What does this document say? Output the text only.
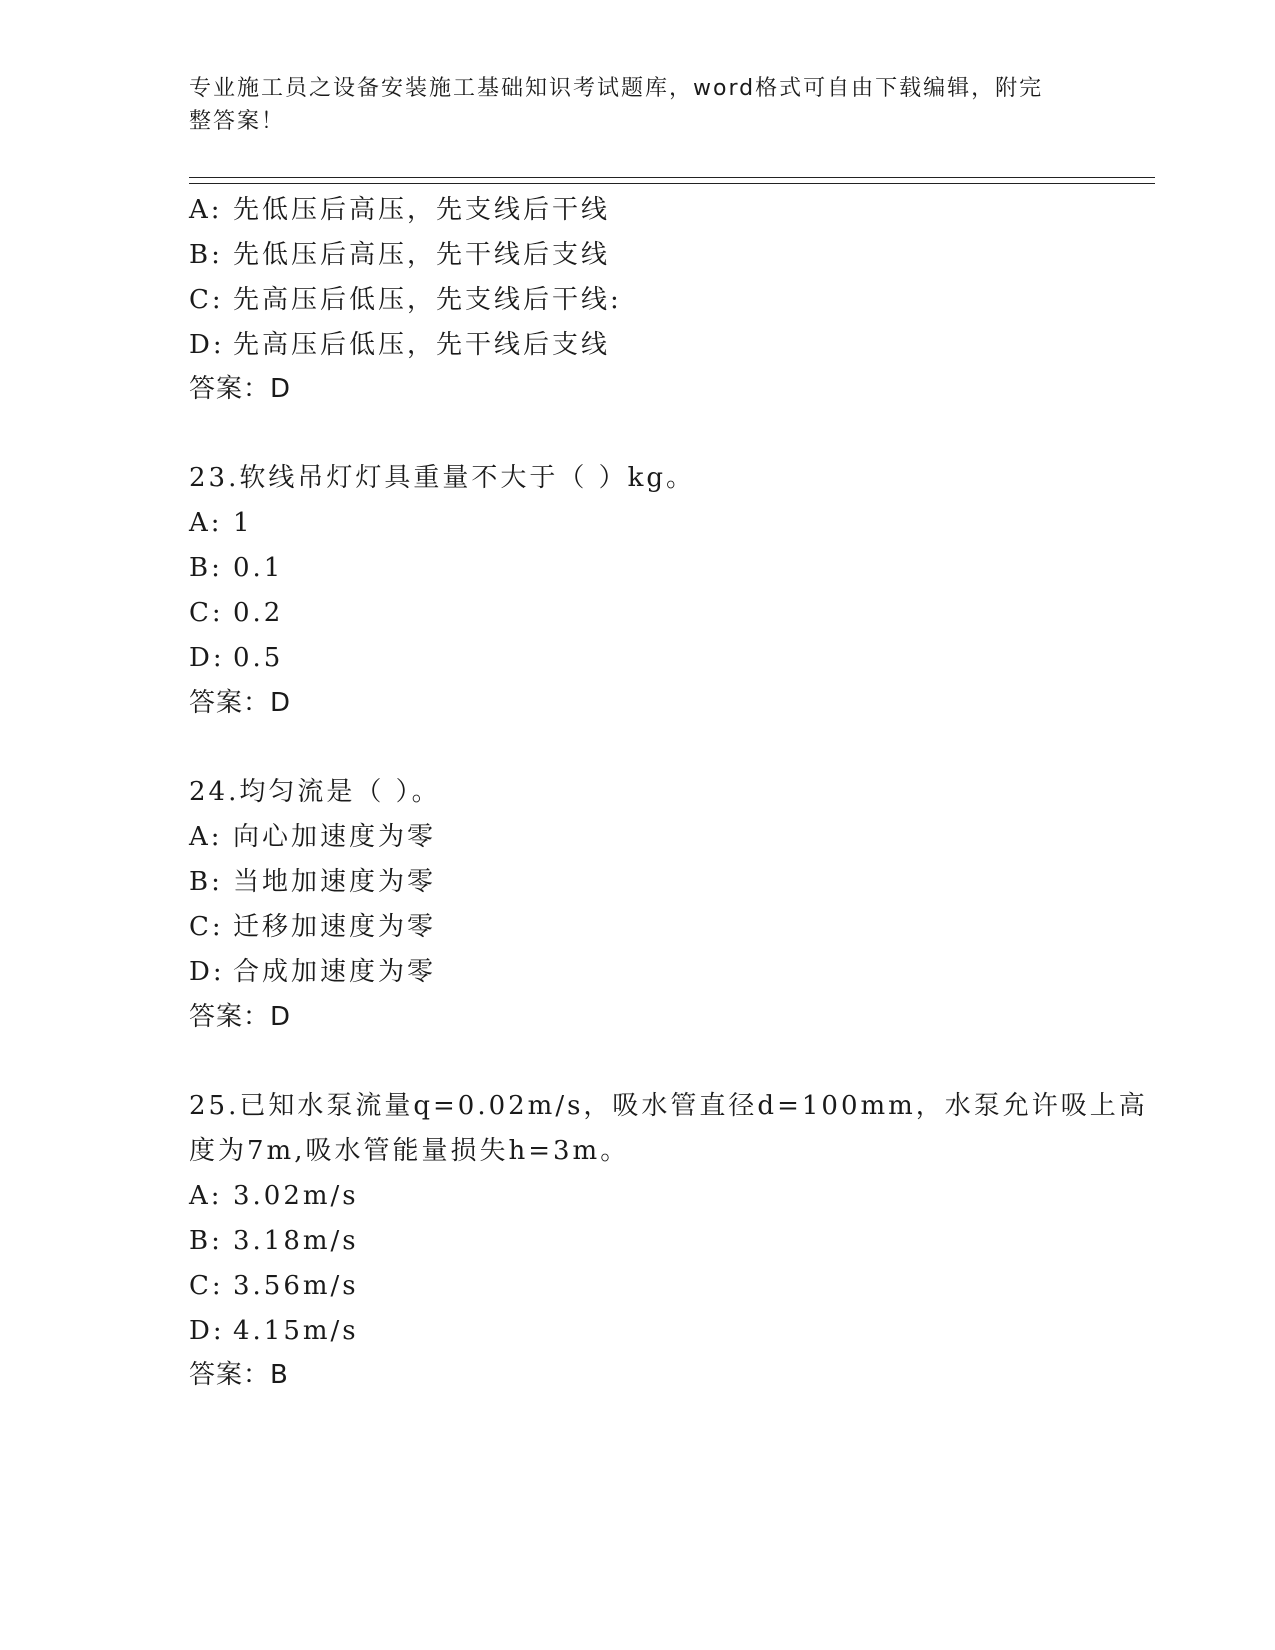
专业施工员之设备安装施工基础知识考试题库，word格式可自由下载编辑，附完
整答案！
A: 先低压后高压，先支线后干线
B: 先低压后高压，先干线后支线
C: 先高压后低压，先支线后干线:
D: 先高压后低压，先干线后支线
答案：D
23.软线吊灯灯具重量不大于（ ）kg。
A: 1
B: 0.1
C: 0.2
D: 0.5
答案：D
24.均匀流是（ ）。
A: 向心加速度为零
B: 当地加速度为零
C: 迁移加速度为零
D: 合成加速度为零
答案：D
25.已知水泵流量q=0.02m/s，吸水管直径d=100mm，水泵允许吸上高
度为7m,吸水管能量损失h=3m。
A: 3.02m/s
B: 3.18m/s
C: 3.56m/s
D: 4.15m/s
答案：B
